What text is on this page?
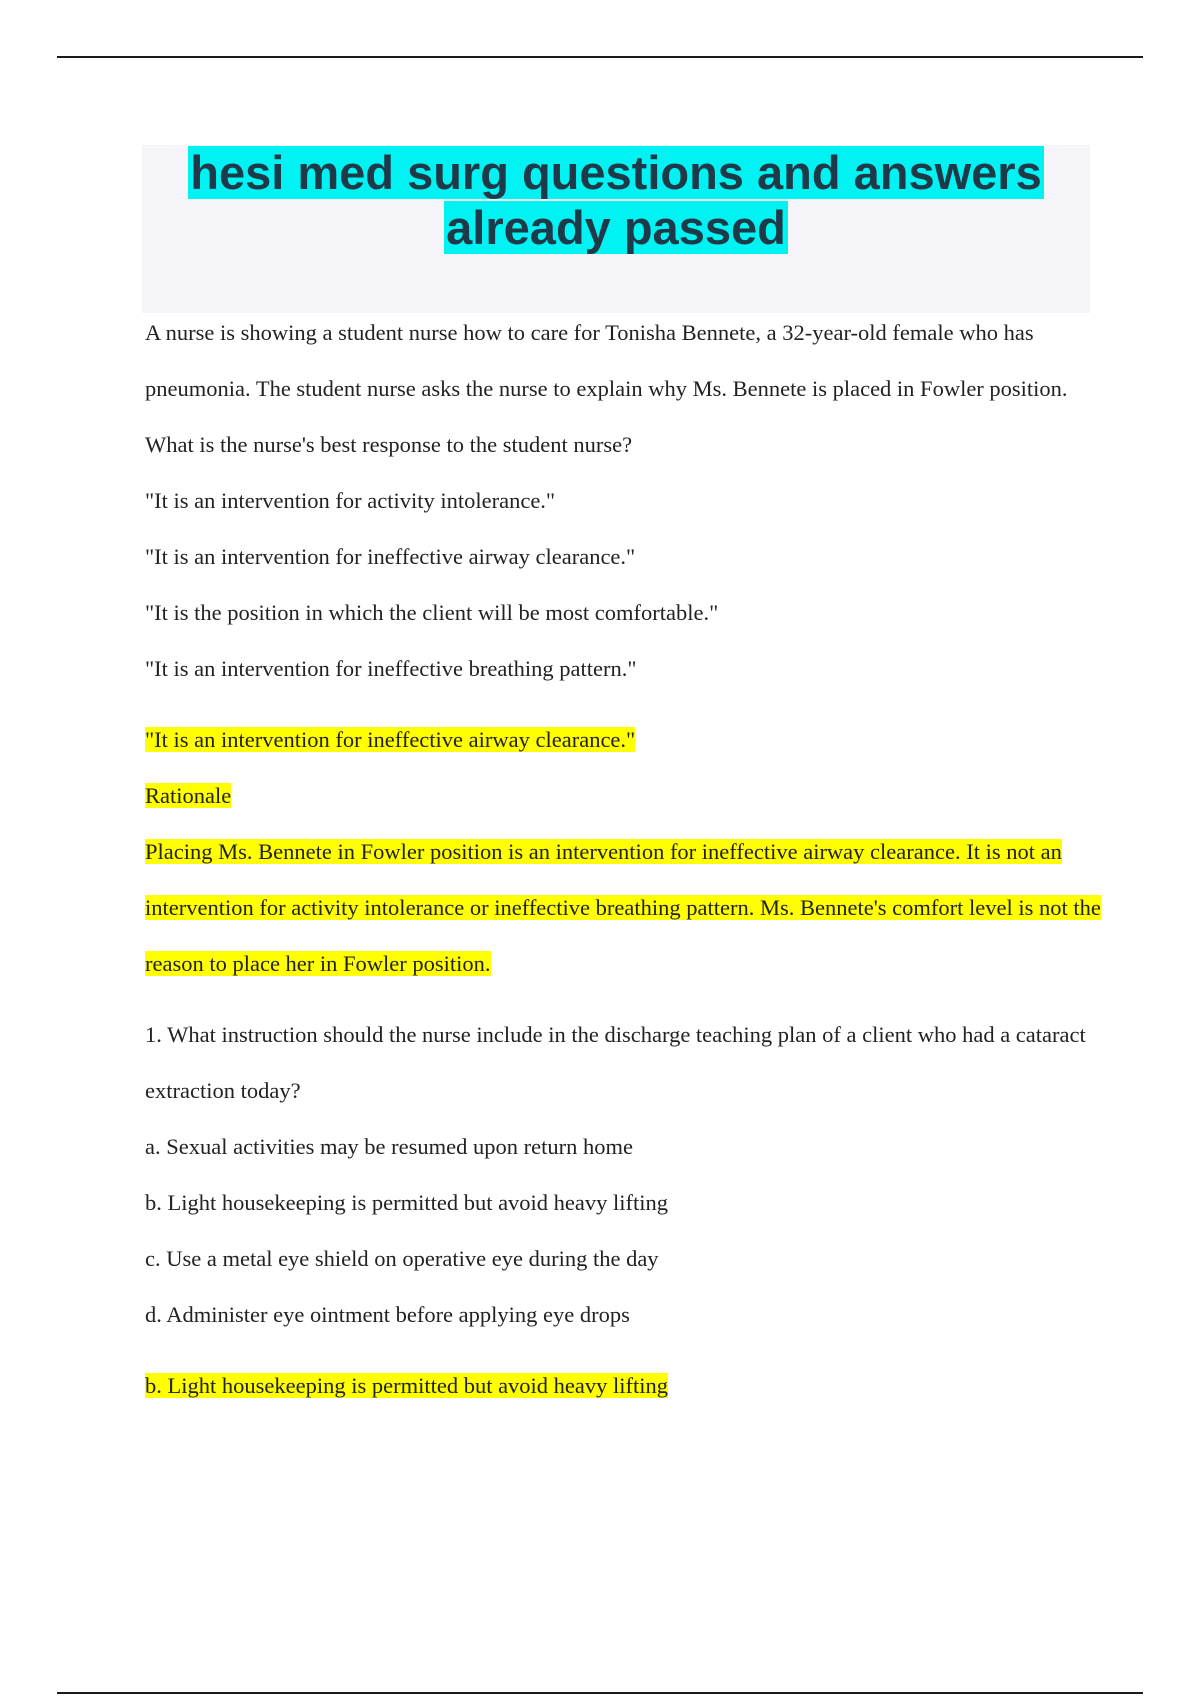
hesi med surg questions and answers already passed

A nurse is showing a student nurse how to care for Tonisha Bennete, a 32-year-old female who has pneumonia. The student nurse asks the nurse to explain why Ms. Bennete is placed in Fowler position. What is the nurse's best response to the student nurse?

"It is an intervention for activity intolerance."

"It is an intervention for ineffective airway clearance."

"It is the position in which the client will be most comfortable."

"It is an intervention for ineffective breathing pattern."

"It is an intervention for ineffective airway clearance."

Rationale

Placing Ms. Bennete in Fowler position is an intervention for ineffective airway clearance. It is not an intervention for activity intolerance or ineffective breathing pattern. Ms. Bennete's comfort level is not the reason to place her in Fowler position.

1. What instruction should the nurse include in the discharge teaching plan of a client who had a cataract extraction today?

a. Sexual activities may be resumed upon return home

b. Light housekeeping is permitted but avoid heavy lifting

c. Use a metal eye shield on operative eye during the day

d. Administer eye ointment before applying eye drops

b. Light housekeeping is permitted but avoid heavy lifting
